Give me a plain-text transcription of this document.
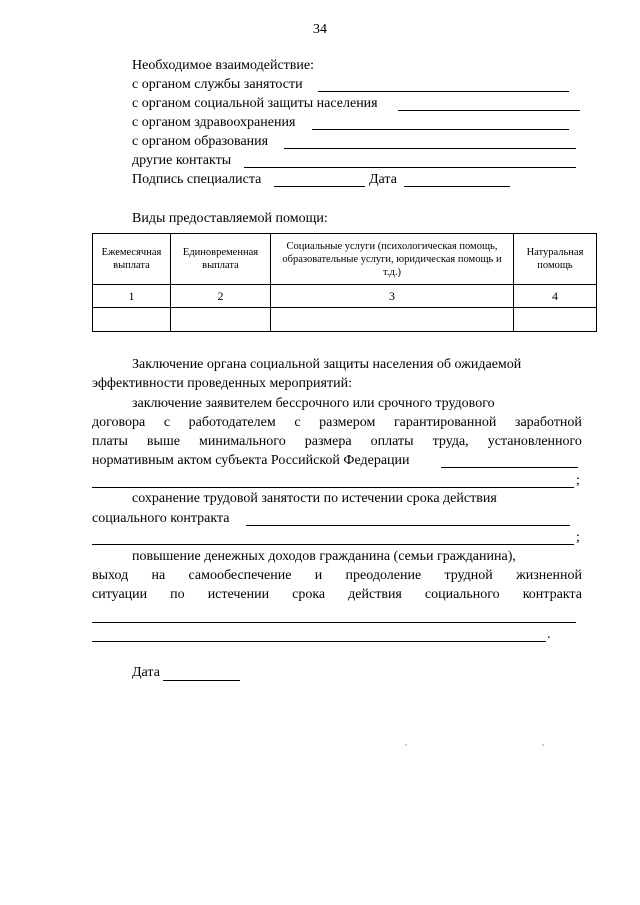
34
Необходимое взаимодействие:
с органом службы занятости
с органом социальной защиты населения
с органом здравоохранения
с органом образования
другие контакты
Подпись специалиста	Дата
Виды предоставляемой помощи:
Ежемесячная выплата	Единовременная выплата	Социальные услуги (психологическая помощь, образовательные услуги, юридическая помощь и т.д.)	Натуральная помощь
1	2	3	4

Заключение органа социальной защиты населения об ожидаемой
эффективности проведенных мероприятий:
заключение заявителем бессрочного или срочного трудового
договора с работодателем с размером гарантированной заработной
платы выше минимального размера оплаты труда, установленного
нормативным актом субъекта Российской Федерации
;
сохранение трудовой занятости по истечении срока действия
социального контракта
;
повышение денежных доходов гражданина (семьи гражданина),
выход на самообеспечение и преодоление трудной жизненной
ситуации по истечении срока действия социального контракта
.
Дата
